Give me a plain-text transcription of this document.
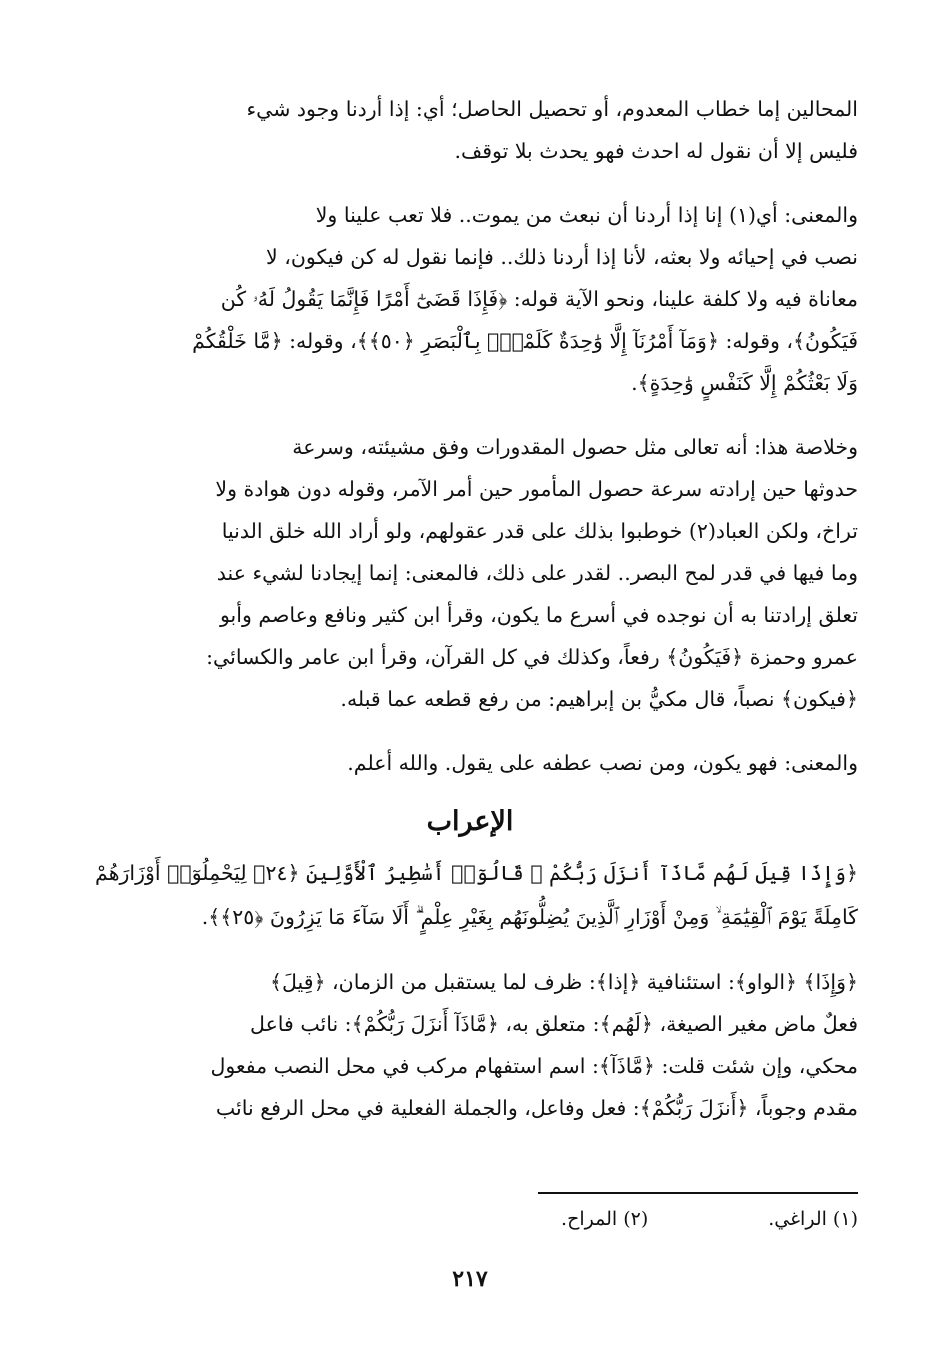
المحالين إما خطاب المعدوم، أو تحصيل الحاصل؛ أي: إذا أردنا وجود شيء
فليس إلا أن نقول له احدث فهو يحدث بلا توقف.
والمعنى: أي(١) إنا إذا أردنا أن نبعث من يموت.. فلا تعب علينا ولا
نصب في إحيائه ولا بعثه، لأنا إذا أردنا ذلك.. فإنما نقول له كن فيكون، لا
معاناة فيه ولا كلفة علينا، ونحو الآية قوله: ﴿فَإِذَا قَضَىٰٓ أَمْرًا فَإِنَّمَا يَقُولُ لَهُۥ كُن
فَيَكُونُ﴾، وقوله: ﴿وَمَآ أَمْرُنَآ إِلَّا وَٰحِدَةٌ كَلَمْحٍۭ بِٱلْبَصَرِ ﴿٥٠﴾﴾، وقوله: ﴿مَّا خَلْقُكُمْ
وَلَا بَعْثُكُمْ إِلَّا كَنَفْسٍ وَٰحِدَةٍ﴾.
وخلاصة هذا: أنه تعالى مثل حصول المقدورات وفق مشيئته، وسرعة
حدوثها حين إرادته سرعة حصول المأمور حين أمر الآمر، وقوله دون هوادة ولا
تراخ، ولكن العباد(٢) خوطبوا بذلك على قدر عقولهم، ولو أراد الله خلق الدنيا
وما فيها في قدر لمح البصر.. لقدر على ذلك، فالمعنى: إنما إيجادنا لشيء عند
تعلق إرادتنا به أن نوجده في أسرع ما يكون، وقرأ ابن كثير ونافع وعاصم وأبو
عمرو وحمزة ﴿فَيَكُونُ﴾ رفعاً، وكذلك في كل القرآن، وقرأ ابن عامر والكسائي:
﴿فيكون﴾ نصباً، قال مكيُّ بن إبراهيم: من رفع قطعه عما قبله.
والمعنى: فهو يكون، ومن نصب عطفه على يقول. والله أعلم.
الإعراب
﴿وَإِذَا قِيلَ لَهُم مَّاذَآ أَنزَلَ رَبُّكُمْ ۙ قَالُوٓا۟ أَسَٰطِيرُ ٱلْأَوَّلِينَ ﴿٢٤﴾ لِيَحْمِلُوٓا۟ أَوْزَارَهُمْ
كَامِلَةً يَوْمَ ٱلْقِيَٰمَةِ ۙ وَمِنْ أَوْزَارِ ٱلَّذِينَ يُضِلُّونَهُم بِغَيْرِ عِلْمٍ ۗ أَلَا سَآءَ مَا يَزِرُونَ ﴿٢٥﴾﴾.
﴿وَإِذَا﴾ ﴿الواو﴾: استئنافية ﴿إذا﴾: ظرف لما يستقبل من الزمان، ﴿قِيلَ﴾
فعلٌ ماض مغير الصيغة، ﴿لَهُم﴾: متعلق به، ﴿مَّاذَآ أَنزَلَ رَبُّكُمْ﴾: نائب فاعل
محكي، وإن شئت قلت: ﴿مَّاذَآ﴾: اسم استفهام مركب في محل النصب مفعول
مقدم وجوباً، ﴿أَنزَلَ رَبُّكُمْ﴾: فعل وفاعل، والجملة الفعلية في محل الرفع نائب
(١) الراغي.
(٢) المراح.
٢١٧
